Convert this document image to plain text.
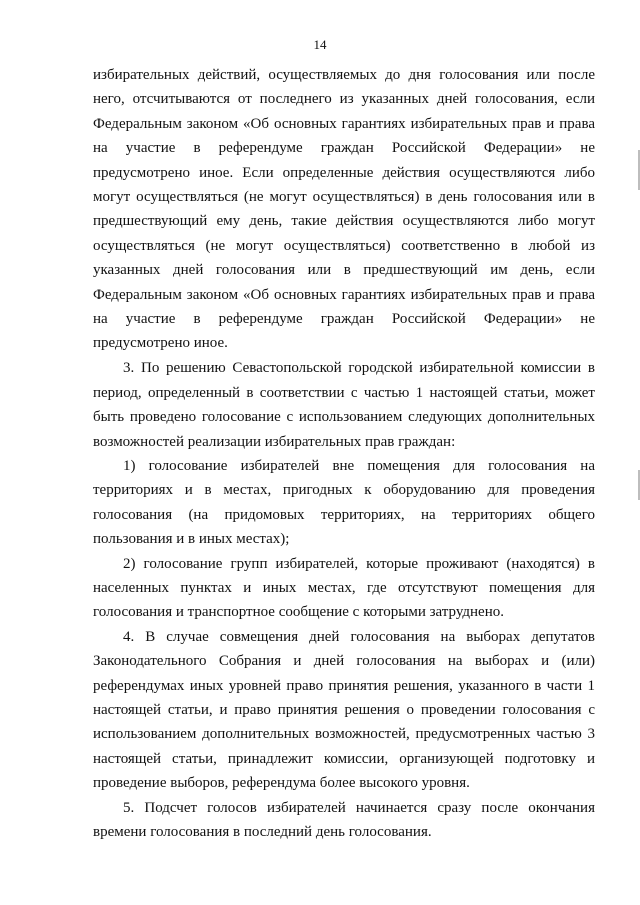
14

избирательных действий, осуществляемых до дня голосования или после него, отсчитываются от последнего из указанных дней голосования, если Федеральным законом «Об основных гарантиях избирательных прав и права на участие в референдуме граждан Российской Федерации» не предусмотрено иное. Если определенные действия осуществляются либо могут осуществляться (не могут осуществляться) в день голосования или в предшествующий ему день, такие действия осуществляются либо могут осуществляться (не могут осуществляться) соответственно в любой из указанных дней голосования или в предшествующий им день, если Федеральным законом «Об основных гарантиях избирательных прав и права на участие в референдуме граждан Российской Федерации» не предусмотрено иное.

3. По решению Севастопольской городской избирательной комиссии в период, определенный в соответствии с частью 1 настоящей статьи, может быть проведено голосование с использованием следующих дополнительных возможностей реализации избирательных прав граждан:

1) голосование избирателей вне помещения для голосования на территориях и в местах, пригодных к оборудованию для проведения голосования (на придомовых территориях, на территориях общего пользования и в иных местах);

2) голосование групп избирателей, которые проживают (находятся) в населенных пунктах и иных местах, где отсутствуют помещения для голосования и транспортное сообщение с которыми затруднено.

4. В случае совмещения дней голосования на выборах депутатов Законодательного Собрания и дней голосования на выборах и (или) референдумах иных уровней право принятия решения, указанного в части 1 настоящей статьи, и право принятия решения о проведении голосования с использованием дополнительных возможностей, предусмотренных частью 3 настоящей статьи, принадлежит комиссии, организующей подготовку и проведение выборов, референдума более высокого уровня.

5. Подсчет голосов избирателей начинается сразу после окончания времени голосования в последний день голосования.
